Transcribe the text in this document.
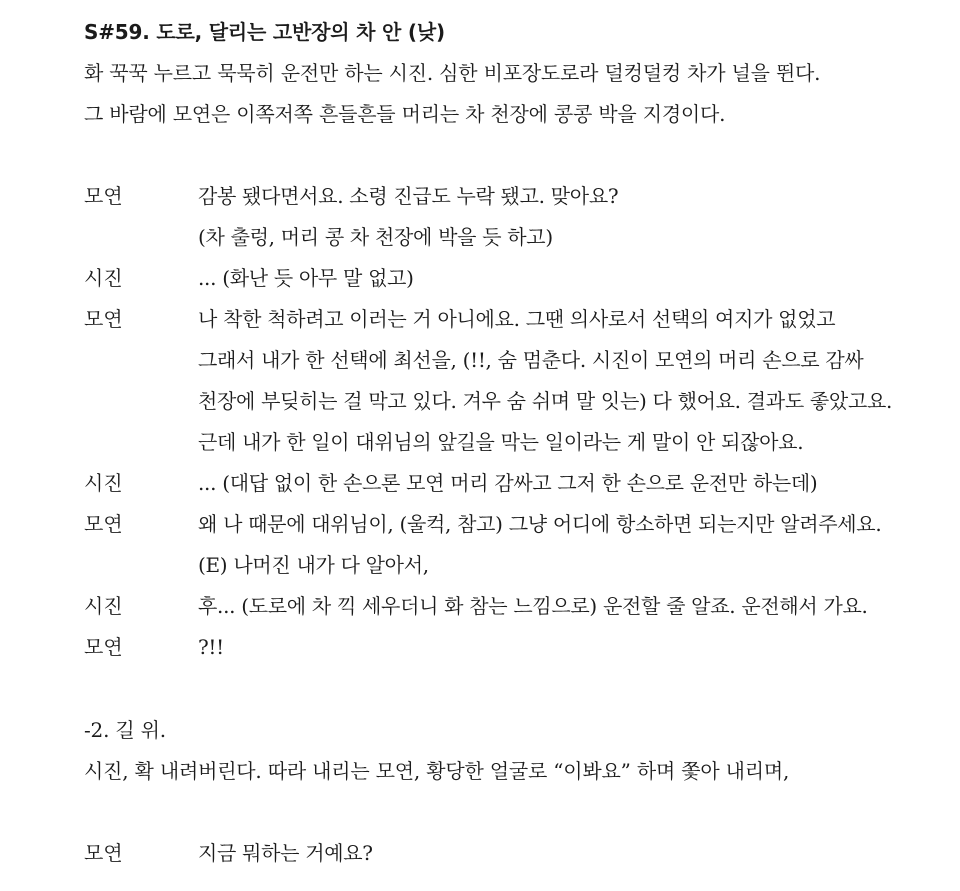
S#59. 도로, 달리는 고반장의 차 안 (낮)
화 꾹꾹 누르고 묵묵히 운전만 하는 시진. 심한 비포장도로라 덜컹덜컹 차가 널을 뛴다.
그 바람에 모연은 이쪽저쪽 흔들흔들 머리는 차 천장에 콩콩 박을 지경이다.
모연	감봉 됐다면서요. 소령 진급도 누락 됐고. 맞아요?
(차 출렁, 머리 콩 차 천장에 박을 듯 하고)
시진	... (화난 듯 아무 말 없고)
모연	나 착한 척하려고 이러는 거 아니에요. 그땐 의사로서 선택의 여지가 없었고
그래서 내가 한 선택에 최선을, (!!, 숨 멈춘다. 시진이 모연의 머리 손으로 감싸
천장에 부딪히는 걸 막고 있다. 겨우 숨 쉬며 말 잇는) 다 했어요. 결과도 좋았고요.
근데 내가 한 일이 대위님의 앞길을 막는 일이라는 게 말이 안 되잖아요.
시진	... (대답 없이 한 손으론 모연 머리 감싸고 그저 한 손으로 운전만 하는데)
모연	왜 나 때문에 대위님이, (울컥, 참고) 그냥 어디에 항소하면 되는지만 알려주세요.
(E) 나머진 내가 다 알아서,
시진	후... (도로에 차 끽 세우더니 화 참는 느낌으로) 운전할 줄 알죠. 운전해서 가요.
모연	?!!
-2. 길 위.
시진, 확 내려버린다. 따라 내리는 모연, 황당한 얼굴로 “이봐요” 하며 쫓아 내리며,
모연	지금 뭐하는 거예요?
